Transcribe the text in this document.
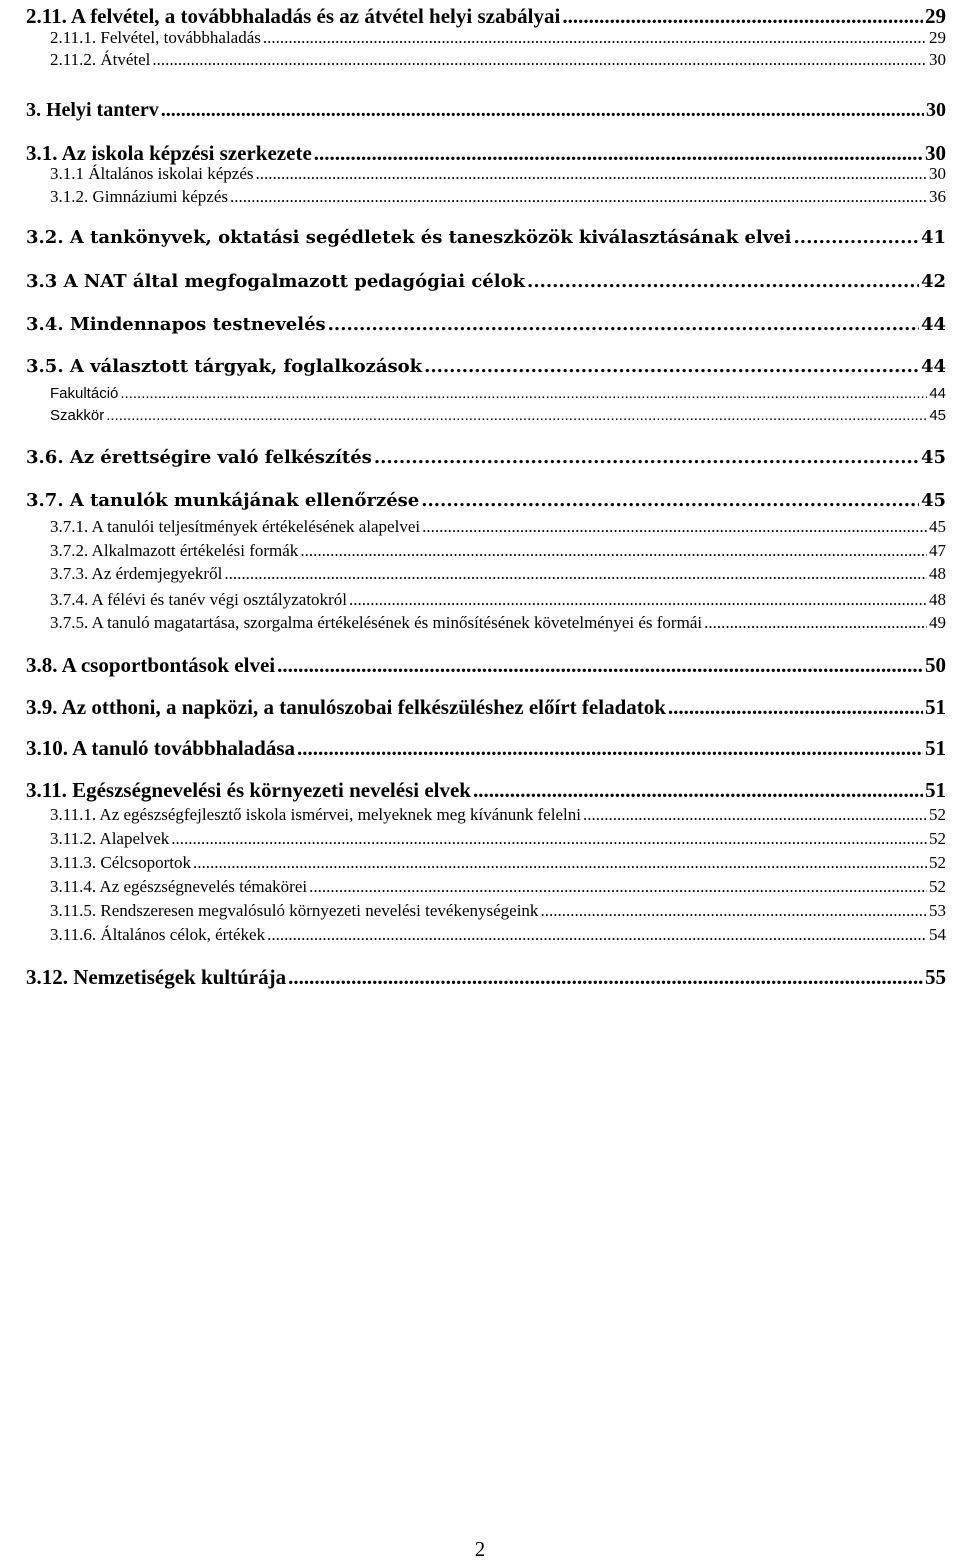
2.11. A felvétel, a továbbhaladás és az átvétel helyi szabályai .....	29
2.11.1. Felvétel, továbbhaladás .....	29
2.11.2. Átvétel .....	30
3. Helyi tanterv .....	30
3.1. Az iskola képzési szerkezete .....	30
3.1.1 Általános iskolai képzés .....	30
3.1.2. Gimnáziumi képzés .....	36
3.2. A tankönyvek, oktatási segédletek és taneszközök kiválasztásának elvei .....	41
3.3 A NAT által megfogalmazott pedagógiai célok .....	42
3.4. Mindennapos testnevelés .....	44
3.5. A választott tárgyak, foglalkozások .....	44
Fakultáció .....	44
Szakkör .....	45
3.6. Az érettségire való felkészítés .....	45
3.7. A tanulók munkájának ellenőrzése .....	45
3.7.1. A tanulói teljesítmények értékelésének alapelvei .....	45
3.7.2. Alkalmazott értékelési formák .....	47
3.7.3. Az érdemjegyekről .....	48
3.7.4. A félévi és tanév végi osztályzatokról .....	48
3.7.5. A tanuló magatartása, szorgalma értékelésének és minősítésének követelményei és formái .....	49
3.8. A csoportbontások elvei .....	50
3.9. Az otthoni, a napközi, a tanulószobai felkészüléshez előírt feladatok .....	51
3.10. A tanuló továbbhaladása .....	51
3.11. Egészségnevelési és környezeti nevelési elvek .....	51
3.11.1. Az egészségfejlesztő iskola ismérvei, melyeknek meg kívánunk felelni .....	52
3.11.2. Alapelvek .....	52
3.11.3. Célcsoportok .....	52
3.11.4. Az egészségnevelés témakörei .....	52
3.11.5. Rendszeresen megvalósuló környezeti nevelési tevékenységeink .....	53
3.11.6. Általános célok, értékek .....	54
3.12. Nemzetiségek kultúrája .....	55
2
